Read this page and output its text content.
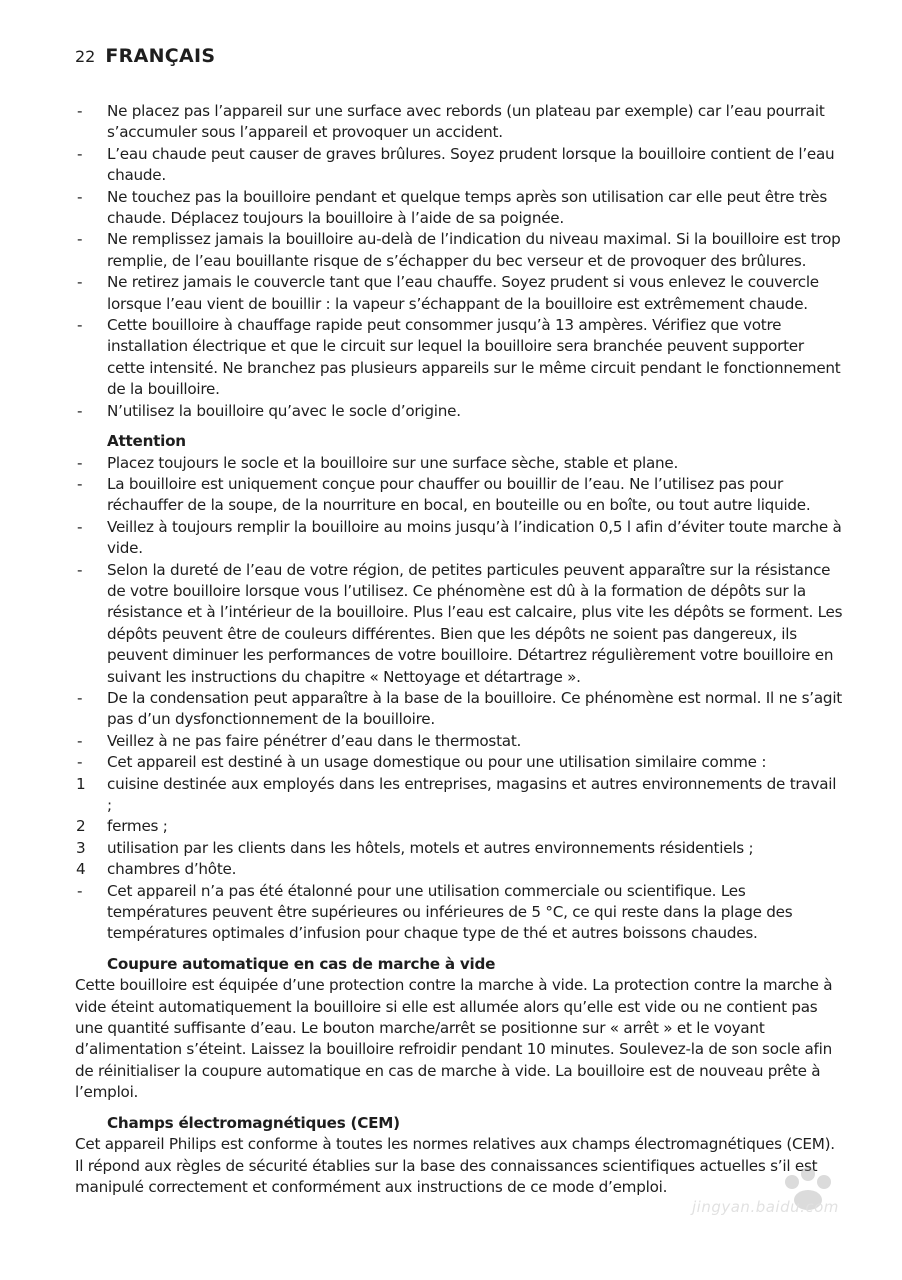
22 FRANÇAIS
- Ne placez pas l’appareil sur une surface avec rebords (un plateau par exemple) car l’eau pourrait s’accumuler sous l’appareil et provoquer un accident.
- L’eau chaude peut causer de graves brûlures. Soyez prudent lorsque la bouilloire contient de l’eau chaude.
- Ne touchez pas la bouilloire pendant et quelque temps après son utilisation car elle peut être très chaude. Déplacez toujours la bouilloire à l’aide de sa poignée.
- Ne remplissez jamais la bouilloire au-delà de l’indication du niveau maximal. Si la bouilloire est trop remplie, de l’eau bouillante risque de s’échapper du bec verseur et de provoquer des brûlures.
- Ne retirez jamais le couvercle tant que l’eau chauffe. Soyez prudent si vous enlevez le couvercle lorsque l’eau vient de bouillir : la vapeur s’échappant de la bouilloire est extrêmement chaude.
- Cette bouilloire à chauffage rapide peut consommer jusqu’à 13 ampères. Vérifiez que votre installation électrique et que le circuit sur lequel la bouilloire sera branchée peuvent supporter cette intensité. Ne branchez pas plusieurs appareils sur le même circuit pendant le fonctionnement de la bouilloire.
- N’utilisez la bouilloire qu’avec le socle d’origine.
Attention
- Placez toujours le socle et la bouilloire sur une surface sèche, stable et plane.
- La bouilloire est uniquement conçue pour chauffer ou bouillir de l’eau. Ne l’utilisez pas pour réchauffer de la soupe, de la nourriture en bocal, en bouteille ou en boîte, ou tout autre liquide.
- Veillez à toujours remplir la bouilloire au moins jusqu’à l’indication 0,5 l afin d’éviter toute marche à vide.
- Selon la dureté de l’eau de votre région, de petites particules peuvent apparaître sur la résistance de votre bouilloire lorsque vous l’utilisez. Ce phénomène est dû à la formation de dépôts sur la résistance et à l’intérieur de la bouilloire. Plus l’eau est calcaire, plus vite les dépôts se forment. Les dépôts peuvent être de couleurs différentes. Bien que les dépôts ne soient pas dangereux, ils peuvent diminuer les performances de votre bouilloire. Détartrez régulièrement votre bouilloire en suivant les instructions du chapitre « Nettoyage et détartrage ».
- De la condensation peut apparaître à la base de la bouilloire. Ce phénomène est normal. Il ne s’agit pas d’un dysfonctionnement de la bouilloire.
- Veillez à ne pas faire pénétrer d’eau dans le thermostat.
- Cet appareil est destiné à un usage domestique ou pour une utilisation similaire comme :
1 cuisine destinée aux employés dans les entreprises, magasins et autres environnements de travail ;
2 fermes ;
3 utilisation par les clients dans les hôtels, motels et autres environnements résidentiels ;
4 chambres d’hôte.
- Cet appareil n’a pas été étalonné pour une utilisation commerciale ou scientifique. Les températures peuvent être supérieures ou inférieures de 5 °C, ce qui reste dans la plage des températures optimales d’infusion pour chaque type de thé et autres boissons chaudes.
Coupure automatique en cas de marche à vide

Cette bouilloire est équipée d’une protection contre la marche à vide. La protection contre la marche à vide éteint automatiquement la bouilloire si elle est allumée alors qu’elle est vide ou ne contient pas une quantité suffisante d’eau. Le bouton marche/arrêt se positionne sur « arrêt » et le voyant d’alimentation s’éteint. Laissez la bouilloire refroidir pendant 10 minutes. Soulevez-la de son socle afin de réinitialiser la coupure automatique en cas de marche à vide. La bouilloire est de nouveau prête à l’emploi.

Champs électromagnétiques (CEM)

Cet appareil Philips est conforme à toutes les normes relatives aux champs électromagnétiques (CEM). Il répond aux règles de sécurité établies sur la base des connaissances scientifiques actuelles s’il est manipulé correctement et conformément aux instructions de ce mode d’emploi.

jingyan.baidu.com
